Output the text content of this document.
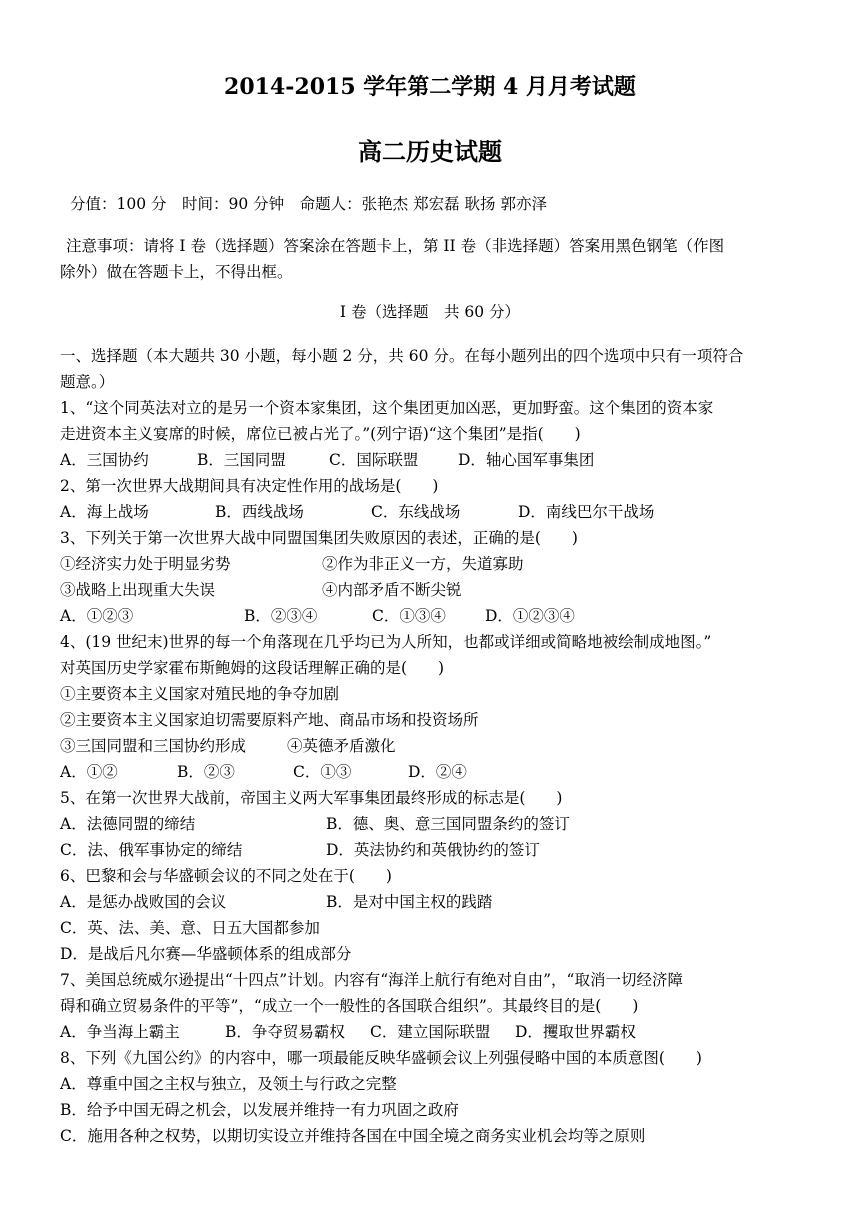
2014-2015 学年第二学期 4 月月考试题
高二历史试题
分值：100 分　时间：90 分钟　命题人：张艳杰 郑宏磊 耿扬 郭亦泽
注意事项：请将 I 卷（选择题）答案涂在答题卡上，第 II 卷（非选择题）答案用黑色钢笔（作图
除外）做在答题卡上，不得出框。
I 卷（选择题　共 60 分）
一、选择题（本大题共 30 小题，每小题 2 分，共 60 分。在每小题列出的四个选项中只有一项符合
题意。）
1、“这个同英法对立的是另一个资本家集团，这个集团更加凶恶，更加野蛮。这个集团的资本家
走进资本主义宴席的时候，席位已被占光了。”(列宁语)“这个集团”是指(　　)
A．三国协约	B．三国同盟	C．国际联盟	D．轴心国军事集团
2、第一次世界大战期间具有决定性作用的战场是(　　)
A．海上战场	B．西线战场	C．东线战场	D．南线巴尔干战场
3、下列关于第一次世界大战中同盟国集团失败原因的表述，正确的是(　　)
①经济实力处于明显劣势	②作为非正义一方，失道寡助
③战略上出现重大失误	④内部矛盾不断尖锐
A．①②③	B．②③④	C．①③④	D．①②③④
4、(19 世纪末)世界的每一个角落现在几乎均已为人所知，也都或详细或简略地被绘制成地图。”
对英国历史学家霍布斯鲍姆的这段话理解正确的是(　　)
①主要资本主义国家对殖民地的争夺加剧
②主要资本主义国家迫切需要原料产地、商品市场和投资场所
③三国同盟和三国协约形成	④英德矛盾激化
A．①②	B．②③	C．①③	D．②④
5、在第一次世界大战前，帝国主义两大军事集团最终形成的标志是(　　)
A．法德同盟的缔结	B．德、奥、意三国同盟条约的签订
C．法、俄军事协定的缔结	D．英法协约和英俄协约的签订
6、巴黎和会与华盛顿会议的不同之处在于(　　)
A．是惩办战败国的会议	B．是对中国主权的践踏
C．英、法、美、意、日五大国都参加
D．是战后凡尔赛—华盛顿体系的组成部分
7、美国总统威尔逊提出“十四点”计划。内容有“海洋上航行有绝对自由”，“取消一切经济障
碍和确立贸易条件的平等”，“成立一个一般性的各国联合组织”。其最终目的是(　　)
A．争当海上霸主	B．争夺贸易霸权 C．建立国际联盟 D．攫取世界霸权
8、下列《九国公约》的内容中，哪一项最能反映华盛顿会议上列强侵略中国的本质意图(　　)
A．尊重中国之主权与独立，及领土与行政之完整
B．给予中国无碍之机会，以发展并维持一有力巩固之政府
C．施用各种之权势，以期切实设立并维持各国在中国全境之商务实业机会均等之原则
